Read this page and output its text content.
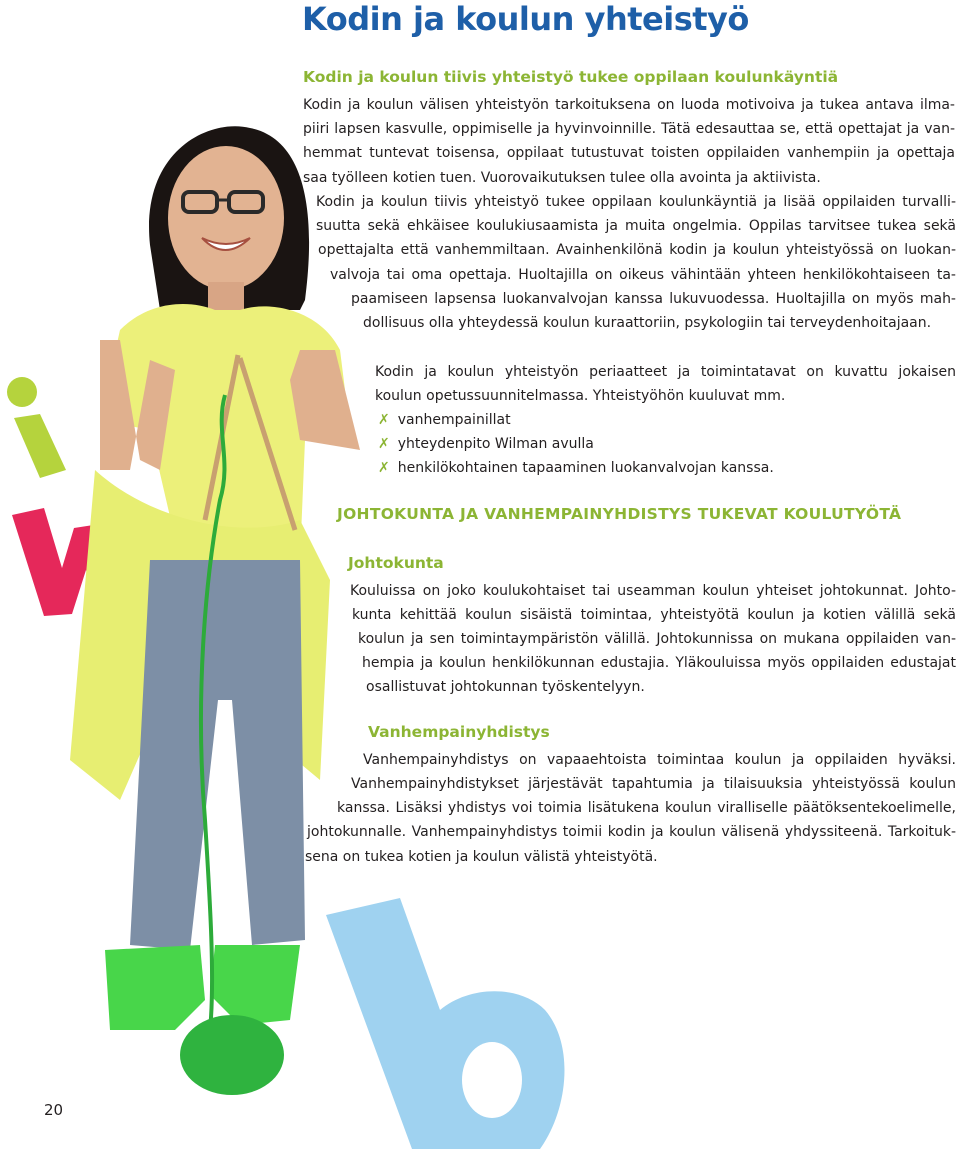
Kodin ja koulun yhteistyö
Kodin ja koulun tiivis yhteistyö tukee oppilaan koulunkäyntiä
Kodin ja koulun välisen yhteistyön tarkoituksena on luoda motivoiva ja tukea antava ilma-
piiri lapsen kasvulle, oppimiselle ja hyvinvoinnille. Tätä edesauttaa se, että opettajat ja van-
hemmat tuntevat toisensa, oppilaat tutustuvat toisten oppilaiden vanhempiin ja opettaja
saa työlleen kotien tuen. Vuorovaikutuksen tulee olla avointa ja aktiivista.
Kodin ja koulun tiivis yhteistyö tukee oppilaan koulunkäyntiä ja lisää oppilaiden turvalli-
suutta sekä ehkäisee koulukiusaamista ja muita ongelmia. Oppilas tarvitsee tukea sekä
opettajalta että vanhemmiltaan. Avainhenkilönä kodin ja koulun yhteistyössä on luokan-
valvoja tai oma opettaja. Huoltajilla on oikeus vähintään yhteen henkilökohtaiseen ta-
paamiseen lapsensa luokanvalvojan kanssa lukuvuodessa. Huoltajilla on myös mah-
dollisuus olla yhteydessä koulun kuraattoriin, psykologiin tai terveydenhoitajaan.
Kodin ja koulun yhteistyön periaatteet ja toimintatavat on kuvattu jokaisen
koulun opetussuunnitelmassa. Yhteistyöhön kuuluvat mm.
✗ vanhempainillat
✗ yhteydenpito Wilman avulla
✗ henkilökohtainen tapaaminen luokanvalvojan kanssa.
JOHTOKUNTA JA VANHEMPAINYHDISTYS TUKEVAT KOULUTYÖTÄ
Johtokunta
Kouluissa on joko koulukohtaiset tai useamman koulun yhteiset johtokunnat. Johto-
kunta kehittää koulun sisäistä toimintaa, yhteistyötä koulun ja kotien välillä sekä
koulun ja sen toimintaympäristön välillä. Johtokunnissa on mukana oppilaiden van-
hempia ja koulun henkilökunnan edustajia. Yläkouluissa myös oppilaiden edustajat
osallistuvat johtokunnan työskentelyyn.
Vanhempainyhdistys
Vanhempainyhdistys on vapaaehtoista toimintaa koulun ja oppilaiden hyväksi.
Vanhempainyhdistykset järjestävät tapahtumia ja tilaisuuksia yhteistyössä koulun
kanssa. Lisäksi yhdistys voi toimia lisätukena koulun viralliselle päätöksentekoelimelle,
johtokunnalle. Vanhempainyhdistys toimii kodin ja koulun välisenä yhdyssiteenä. Tarkoituk-
sena on tukea kotien ja koulun välistä yhteistyötä.
20
